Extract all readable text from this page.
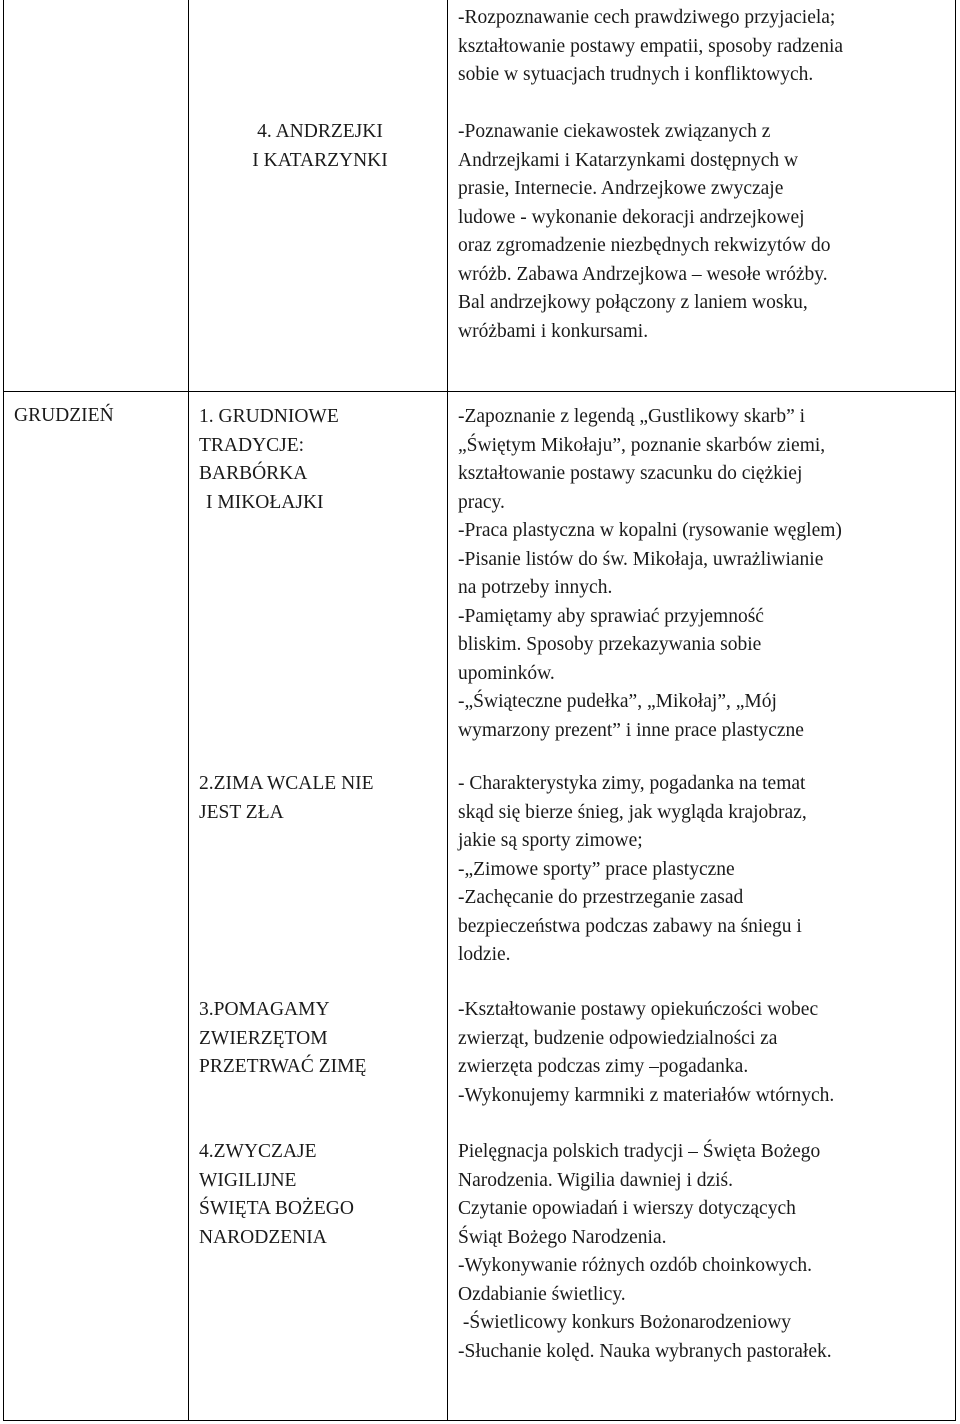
-Rozpoznawanie cech prawdziwego przyjaciela;
kształtowanie postawy empatii, sposoby radzenia
sobie w sytuacjach trudnych i konfliktowych.
4. ANDRZEJKI
I KATARZYNKI
-Poznawanie ciekawostek związanych z
Andrzejkami i Katarzynkami dostępnych w
prasie, Internecie. Andrzejkowe zwyczaje
ludowe - wykonanie dekoracji andrzejkowej
oraz zgromadzenie niezbędnych rekwizytów do
wróżb. Zabawa Andrzejkowa – wesołe wróżby.
Bal andrzejkowy połączony z laniem wosku,
wróżbami i konkursami.
GRUDZIEŃ	1. GRUDNIOWE
TRADYCJE:
BARBÓRKA
I MIKOŁAJKI
-Zapoznanie z legendą „Gustlikowy skarb” i
„Świętym Mikołaju”, poznanie skarbów ziemi,
kształtowanie postawy szacunku do ciężkiej
pracy.
-Praca plastyczna w kopalni (rysowanie węglem)
-Pisanie listów do św. Mikołaja, uwrażliwianie
na potrzeby innych.
-Pamiętamy aby sprawiać przyjemność
bliskim. Sposoby przekazywania sobie
upominków.
-„Świąteczne pudełka”, „Mikołaj”, „Mój
wymarzony prezent” i inne prace plastyczne
2.ZIMA WCALE NIE
JEST ZŁA
- Charakterystyka zimy, pogadanka na temat
skąd się bierze śnieg, jak wygląda krajobraz,
jakie są sporty zimowe;
-„Zimowe sporty” prace plastyczne
-Zachęcanie do przestrzeganie zasad
bezpieczeństwa podczas zabawy na śniegu i
lodzie.
3.POMAGAMY
ZWIERZĘTOM
PRZETRWAĆ ZIMĘ
-Kształtowanie postawy opiekuńczości wobec
zwierząt, budzenie odpowiedzialności za
zwierzęta podczas zimy –pogadanka.
-Wykonujemy karmniki z materiałów wtórnych.
4.ZWYCZAJE
WIGILIJNE
ŚWIĘTA BOŻEGO
NARODZENIA
Pielęgnacja polskich tradycji – Święta Bożego
Narodzenia. Wigilia dawniej i dziś.
Czytanie opowiadań i wierszy dotyczących
Świąt Bożego Narodzenia.
-Wykonywanie różnych ozdób choinkowych.
Ozdabianie świetlicy.
-Świetlicowy konkurs Bożonarodzeniowy
-Słuchanie kolęd. Nauka wybranych pastorałek.
